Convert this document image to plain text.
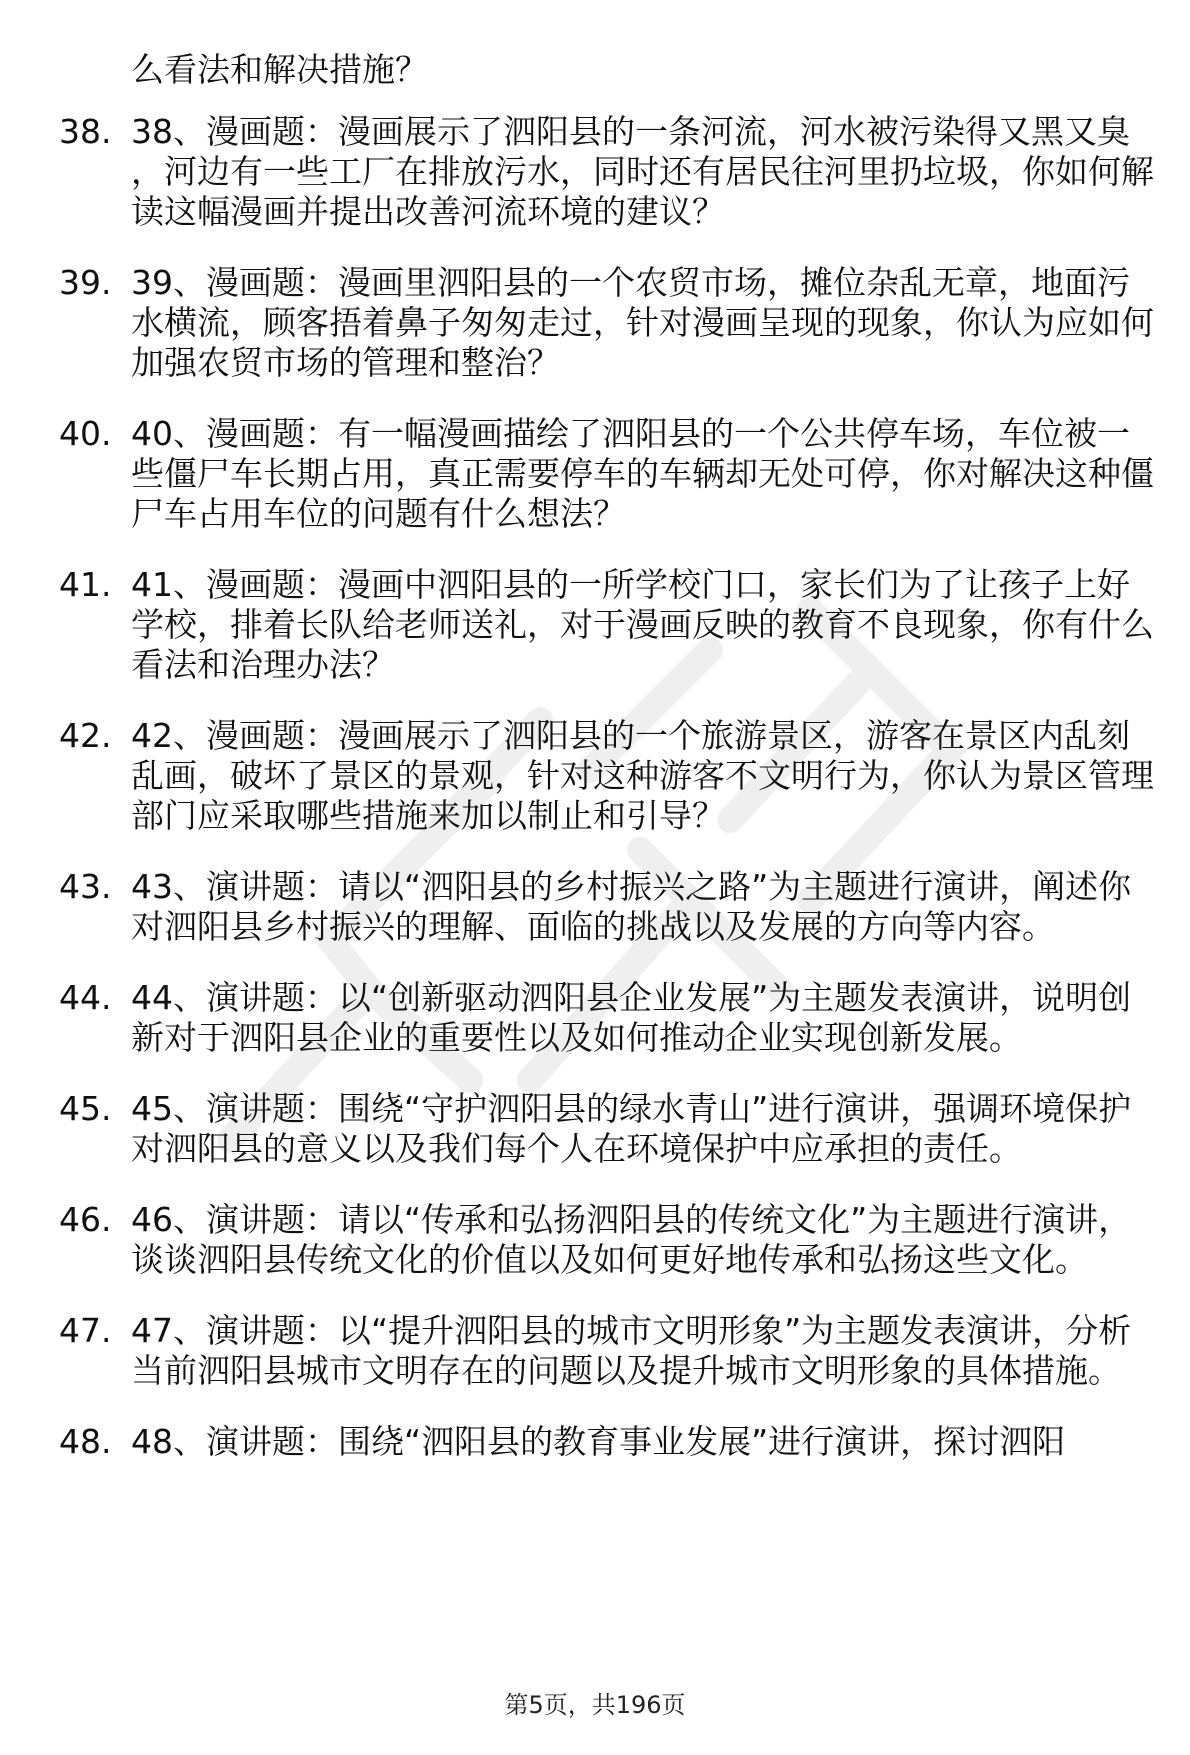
么看法和解决措施？
38. 38、漫画题：漫画展示了泗阳县的一条河流，河水被污染得又黑又臭，河边有一些工厂在排放污水，同时还有居民往河里扔垃圾，你如何解读这幅漫画并提出改善河流环境的建议？
39. 39、漫画题：漫画里泗阳县的一个农贸市场，摊位杂乱无章，地面污水横流，顾客捂着鼻子匆匆走过，针对漫画呈现的现象，你认为应如何加强农贸市场的管理和整治？
40. 40、漫画题：有一幅漫画描绘了泗阳县的一个公共停车场，车位被一些僵尸车长期占用，真正需要停车的车辆却无处可停，你对解决这种僵尸车占用车位的问题有什么想法？
41. 41、漫画题：漫画中泗阳县的一所学校门口，家长们为了让孩子上好学校，排着长队给老师送礼，对于漫画反映的教育不良现象，你有什么看法和治理办法？
42. 42、漫画题：漫画展示了泗阳县的一个旅游景区，游客在景区内乱刻乱画，破坏了景区的景观，针对这种游客不文明行为，你认为景区管理部门应采取哪些措施来加以制止和引导？
43. 43、演讲题：请以“泗阳县的乡村振兴之路”为主题进行演讲，阐述你对泗阳县乡村振兴的理解、面临的挑战以及发展的方向等内容。
44. 44、演讲题：以“创新驱动泗阳县企业发展”为主题发表演讲，说明创新对于泗阳县企业的重要性以及如何推动企业实现创新发展。
45. 45、演讲题：围绕“守护泗阳县的绿水青山”进行演讲，强调环境保护对泗阳县的意义以及我们每个人在环境保护中应承担的责任。
46. 46、演讲题：请以“传承和弘扬泗阳县的传统文化”为主题进行演讲，谈谈泗阳县传统文化的价值以及如何更好地传承和弘扬这些文化。
47. 47、演讲题：以“提升泗阳县的城市文明形象”为主题发表演讲，分析当前泗阳县城市文明存在的问题以及提升城市文明形象的具体措施。
48. 48、演讲题：围绕“泗阳县的教育事业发展”进行演讲，探讨泗阳
第5页，共196页
